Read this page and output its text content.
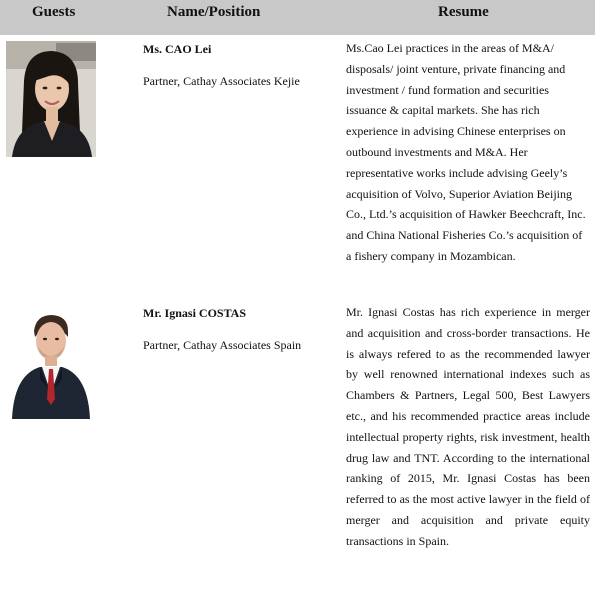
Guests	Name/Position	Resume
Ms. CAO Lei
Partner, Cathay Associates Kejie
Ms.Cao Lei practices in the areas of M&A/ disposals/ joint venture, private financing and investment / fund formation and securities issuance & capital markets. She has rich experience in advising Chinese enterprises on outbound investments and M&A. Her representative works include advising Geely’s acquisition of Volvo, Superior Aviation Beijing Co., Ltd.’s acquisition of Hawker Beechcraft, Inc. and China National Fisheries Co.’s acquisition of a fishery company in Mozambican.
Mr. Ignasi COSTAS
Partner, Cathay Associates Spain
Mr. Ignasi Costas has rich experience in merger and acquisition and cross-border transactions. He is always refered to as the recommended lawyer by well renowned international indexes such as Chambers & Partners, Legal 500, Best Lawyers etc., and his recommended practice areas include intellectual property rights, risk investment, health drug law and TNT. According to the international ranking of 2015, Mr. Ignasi Costas has been referred to as the most active lawyer in the field of merger and acquisition and private equity transactions in Spain.
